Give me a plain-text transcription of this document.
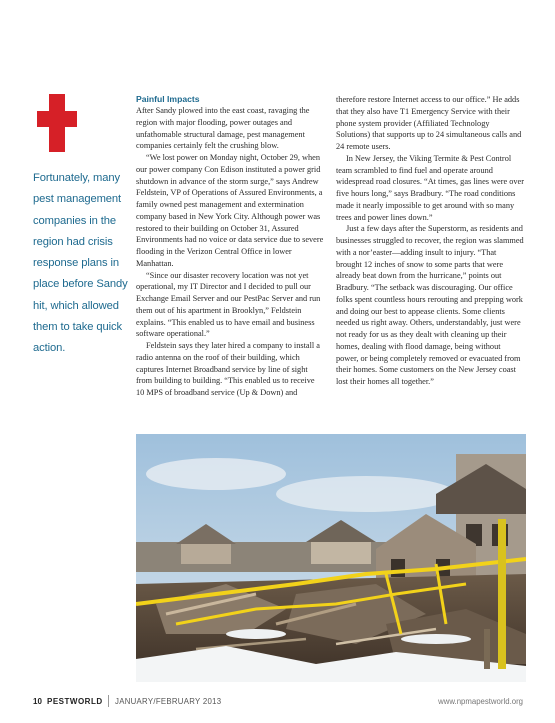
Fortunately, many pest management companies in the region had crisis response plans in place before Sandy hit, which allowed them to take quick action.
Painful Impacts

After Sandy plowed into the east coast, ravaging the region with major flooding, power outages and unfathomable structural damage, pest management companies certainly felt the crushing blow.

“We lost power on Monday night, October 29, when our power company Con Edison instituted a power grid shutdown in advance of the storm surge,” says Andrew Feldstein, VP of Operations of Assured Environments, a family owned pest management and extermination company based in New York City. Although power was restored to their building on October 31, Assured Environments had no voice or data service due to severe flooding in the Verizon Central Office in lower Manhattan.

“Since our disaster recovery location was not yet operational, my IT Director and I decided to pull our Exchange Email Server and our PestPac Server and run them out of his apartment in Brooklyn,” Feldstein explains. “This enabled us to have email and business software operational.”

Feldstein says they later hired a company to install a radio antenna on the roof of their building, which captures Internet Broadband service by line of sight from building to building. “This enabled us to receive 10 MPS of broadband service (Up & Down) and

therefore restore Internet access to our office.” He adds that they also have T1 Emergency Service with their phone system provider (Affiliated Technology Solutions) that supports up to 24 simultaneous calls and 24 remote users.

In New Jersey, the Viking Termite & Pest Control team scrambled to find fuel and operate around widespread road closures. “At times, gas lines were over five hours long,” says Bradbury. “The road conditions made it nearly impossible to get around with so many trees and power lines down.”

Just a few days after the Superstorm, as residents and businesses struggled to recover, the region was slammed with a nor’easter—adding insult to injury. “That brought 12 inches of snow to some parts that were already beat down from the hurricane,” points out Bradbury. “The setback was discouraging. Our office folks spent countless hours rerouting and prepping work and doing our best to appease clients. Some clients needed us right away. Others, understandably, just were not ready for us as they dealt with cleaning up their homes, dealing with flood damage, being without power, or being completely removed or evacuated from their homes. Some customers on the New Jersey coast lost their homes all together.”

10 PESTWORLD JANUARY/FEBRUARY 2013	www.npmapestworld.org
